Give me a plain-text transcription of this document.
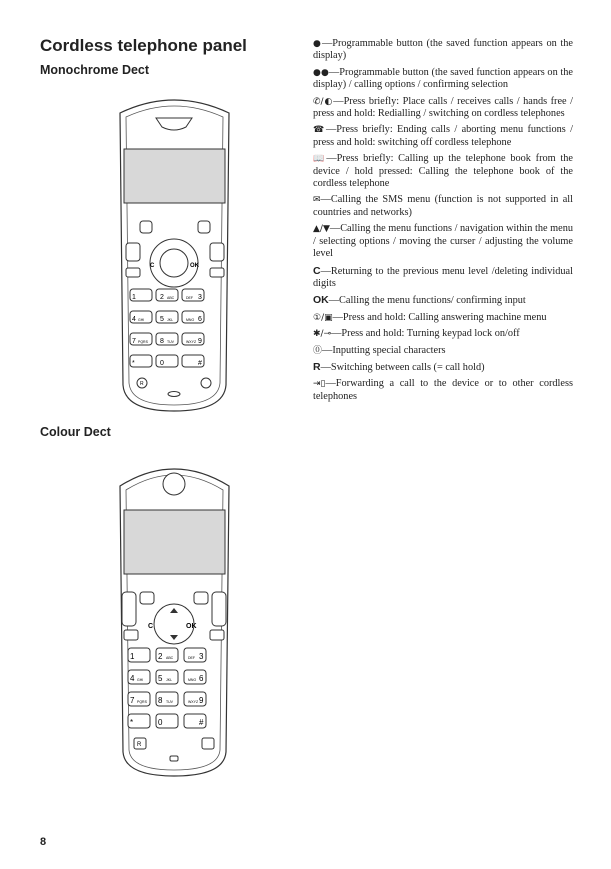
Cordless telephone panel
Monochrome Dect
C	OK
1	2	3
4	5	6
7	8	9
*	0	#
ABC	DEF
GHI	JKL	MNO
PQRS	TUV	WXYZ
R
Colour Dect
C	OK
1	2	3
4	5	6
7	8	9
*	0	#
ABC	DEF
GHI	JKL	MNO
PQRS	TUV	WXYZ
R

●—Programmable button (the saved function appears on the display)

●●—Programmable button (the saved function appears on the display) / calling options / confirming selection

✆/◐—Press briefly: Place calls / receives calls / hands free / press and hold: Redialling / switching on cordless telephones

☎—Press briefly: Ending calls / aborting menu functions / press and hold: switching off cordless telephone

📖—Press briefly: Calling up the telephone book from the device / hold pressed: Calling the telephone book of the cordless telephone

✉—Calling the SMS menu (function is not supported in all countries and networks)

▲/▼—Calling the menu functions / navigation within the menu / selecting options / moving the curser / adjusting the volume level

C—Returning to the previous menu level /deleting individual digits

OK—Calling the menu functions/ confirming input

①/▣—Press and hold: Calling answering machine menu

✱/⊸—Press and hold: Turning keypad lock on/off

⓪—Inputting special characters

R—Switching between calls (= call hold)

⇥▯—Forwarding a call to the device or to other cordless telephones

8
